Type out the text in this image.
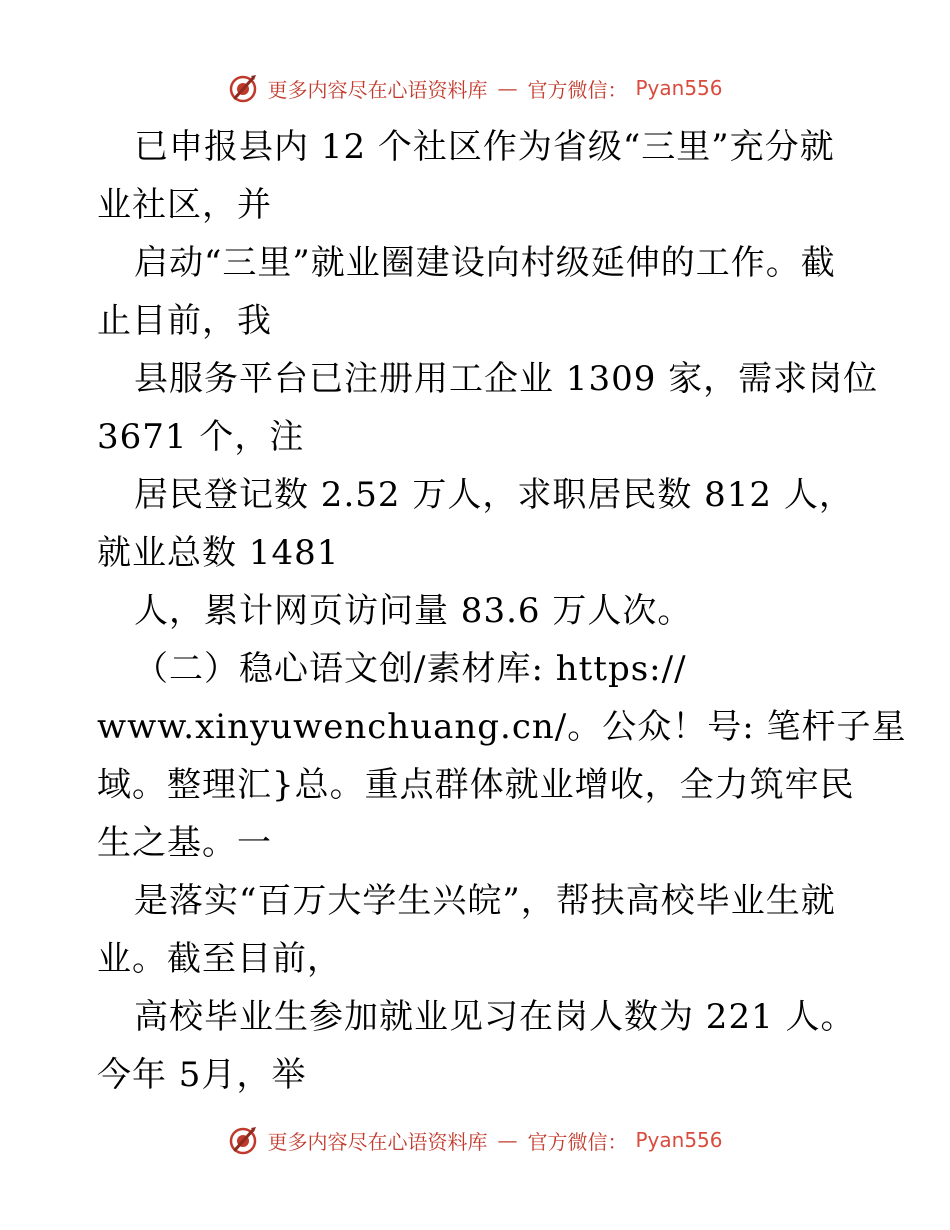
更多内容尽在心语资料库 — 官方微信： Pyan556
已申报县内 12 个社区作为省级“三里”充分就
业社区，并
启动“三里”就业圈建设向村级延伸的工作。截
止目前，我
县服务平台已注册用工企业 1309 家，需求岗位
3671 个，注
居民登记数 2.52 万人，求职居民数 812 人，
就业总数 1481
人，累计网页访问量 83.6 万人次。
（二）稳心语文创/素材库: https://
www.xinyuwenchuang.cn/。公众！号: 笔杆子星
域。整理汇}总。重点群体就业增收，全力筑牢民
生之基。一
是落实“百万大学生兴皖”，帮扶高校毕业生就
业。截至目前，
高校毕业生参加就业见习在岗人数为 221 人。
今年 5月，举
更多内容尽在心语资料库 — 官方微信： Pyan556
